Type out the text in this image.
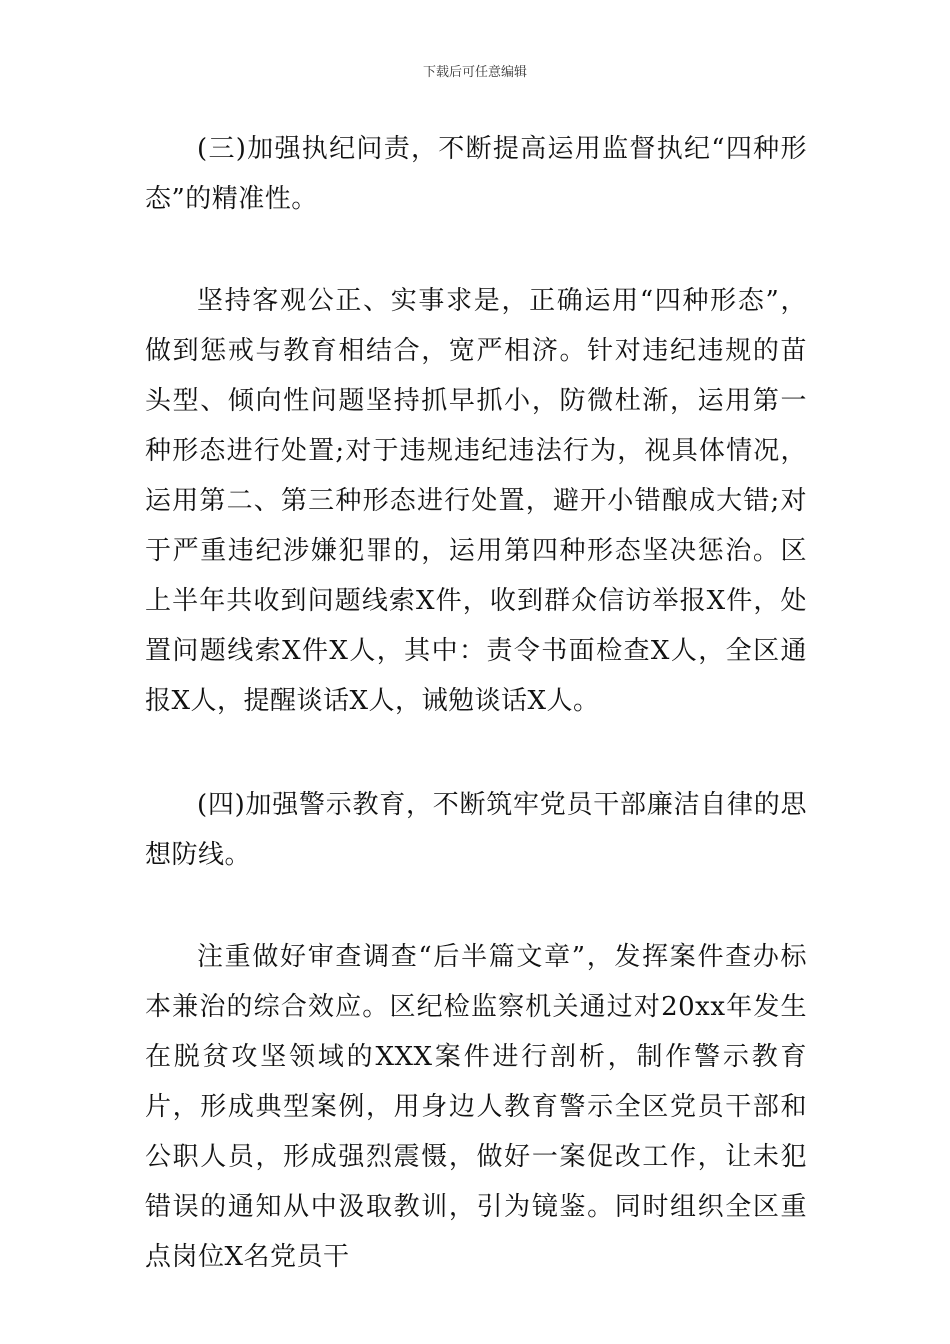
下载后可任意编辑

(三)加强执纪问责，不断提高运用监督执纪“四种形态”的精准性。

坚持客观公正、实事求是，正确运用“四种形态”，做到惩戒与教育相结合，宽严相济。针对违纪违规的苗头型、倾向性问题坚持抓早抓小，防微杜渐，运用第一种形态进行处置;对于违规违纪违法行为，视具体情况，运用第二、第三种形态进行处置，避开小错酿成大错;对于严重违纪涉嫌犯罪的，运用第四种形态坚决惩治。区上半年共收到问题线索X件，收到群众信访举报X件，处置问题线索X件X人，其中：责令书面检查X人，全区通报X人，提醒谈话X人，诫勉谈话X人。

(四)加强警示教育，不断筑牢党员干部廉洁自律的思想防线。

注重做好审查调查“后半篇文章”，发挥案件查办标本兼治的综合效应。区纪检监察机关通过对20xx年发生在脱贫攻坚领域的XXX案件进行剖析，制作警示教育片，形成典型案例，用身边人教育警示全区党员干部和公职人员，形成强烈震慑，做好一案促改工作，让未犯错误的通知从中汲取教训，引为镜鉴。同时组织全区重点岗位X名党员干
